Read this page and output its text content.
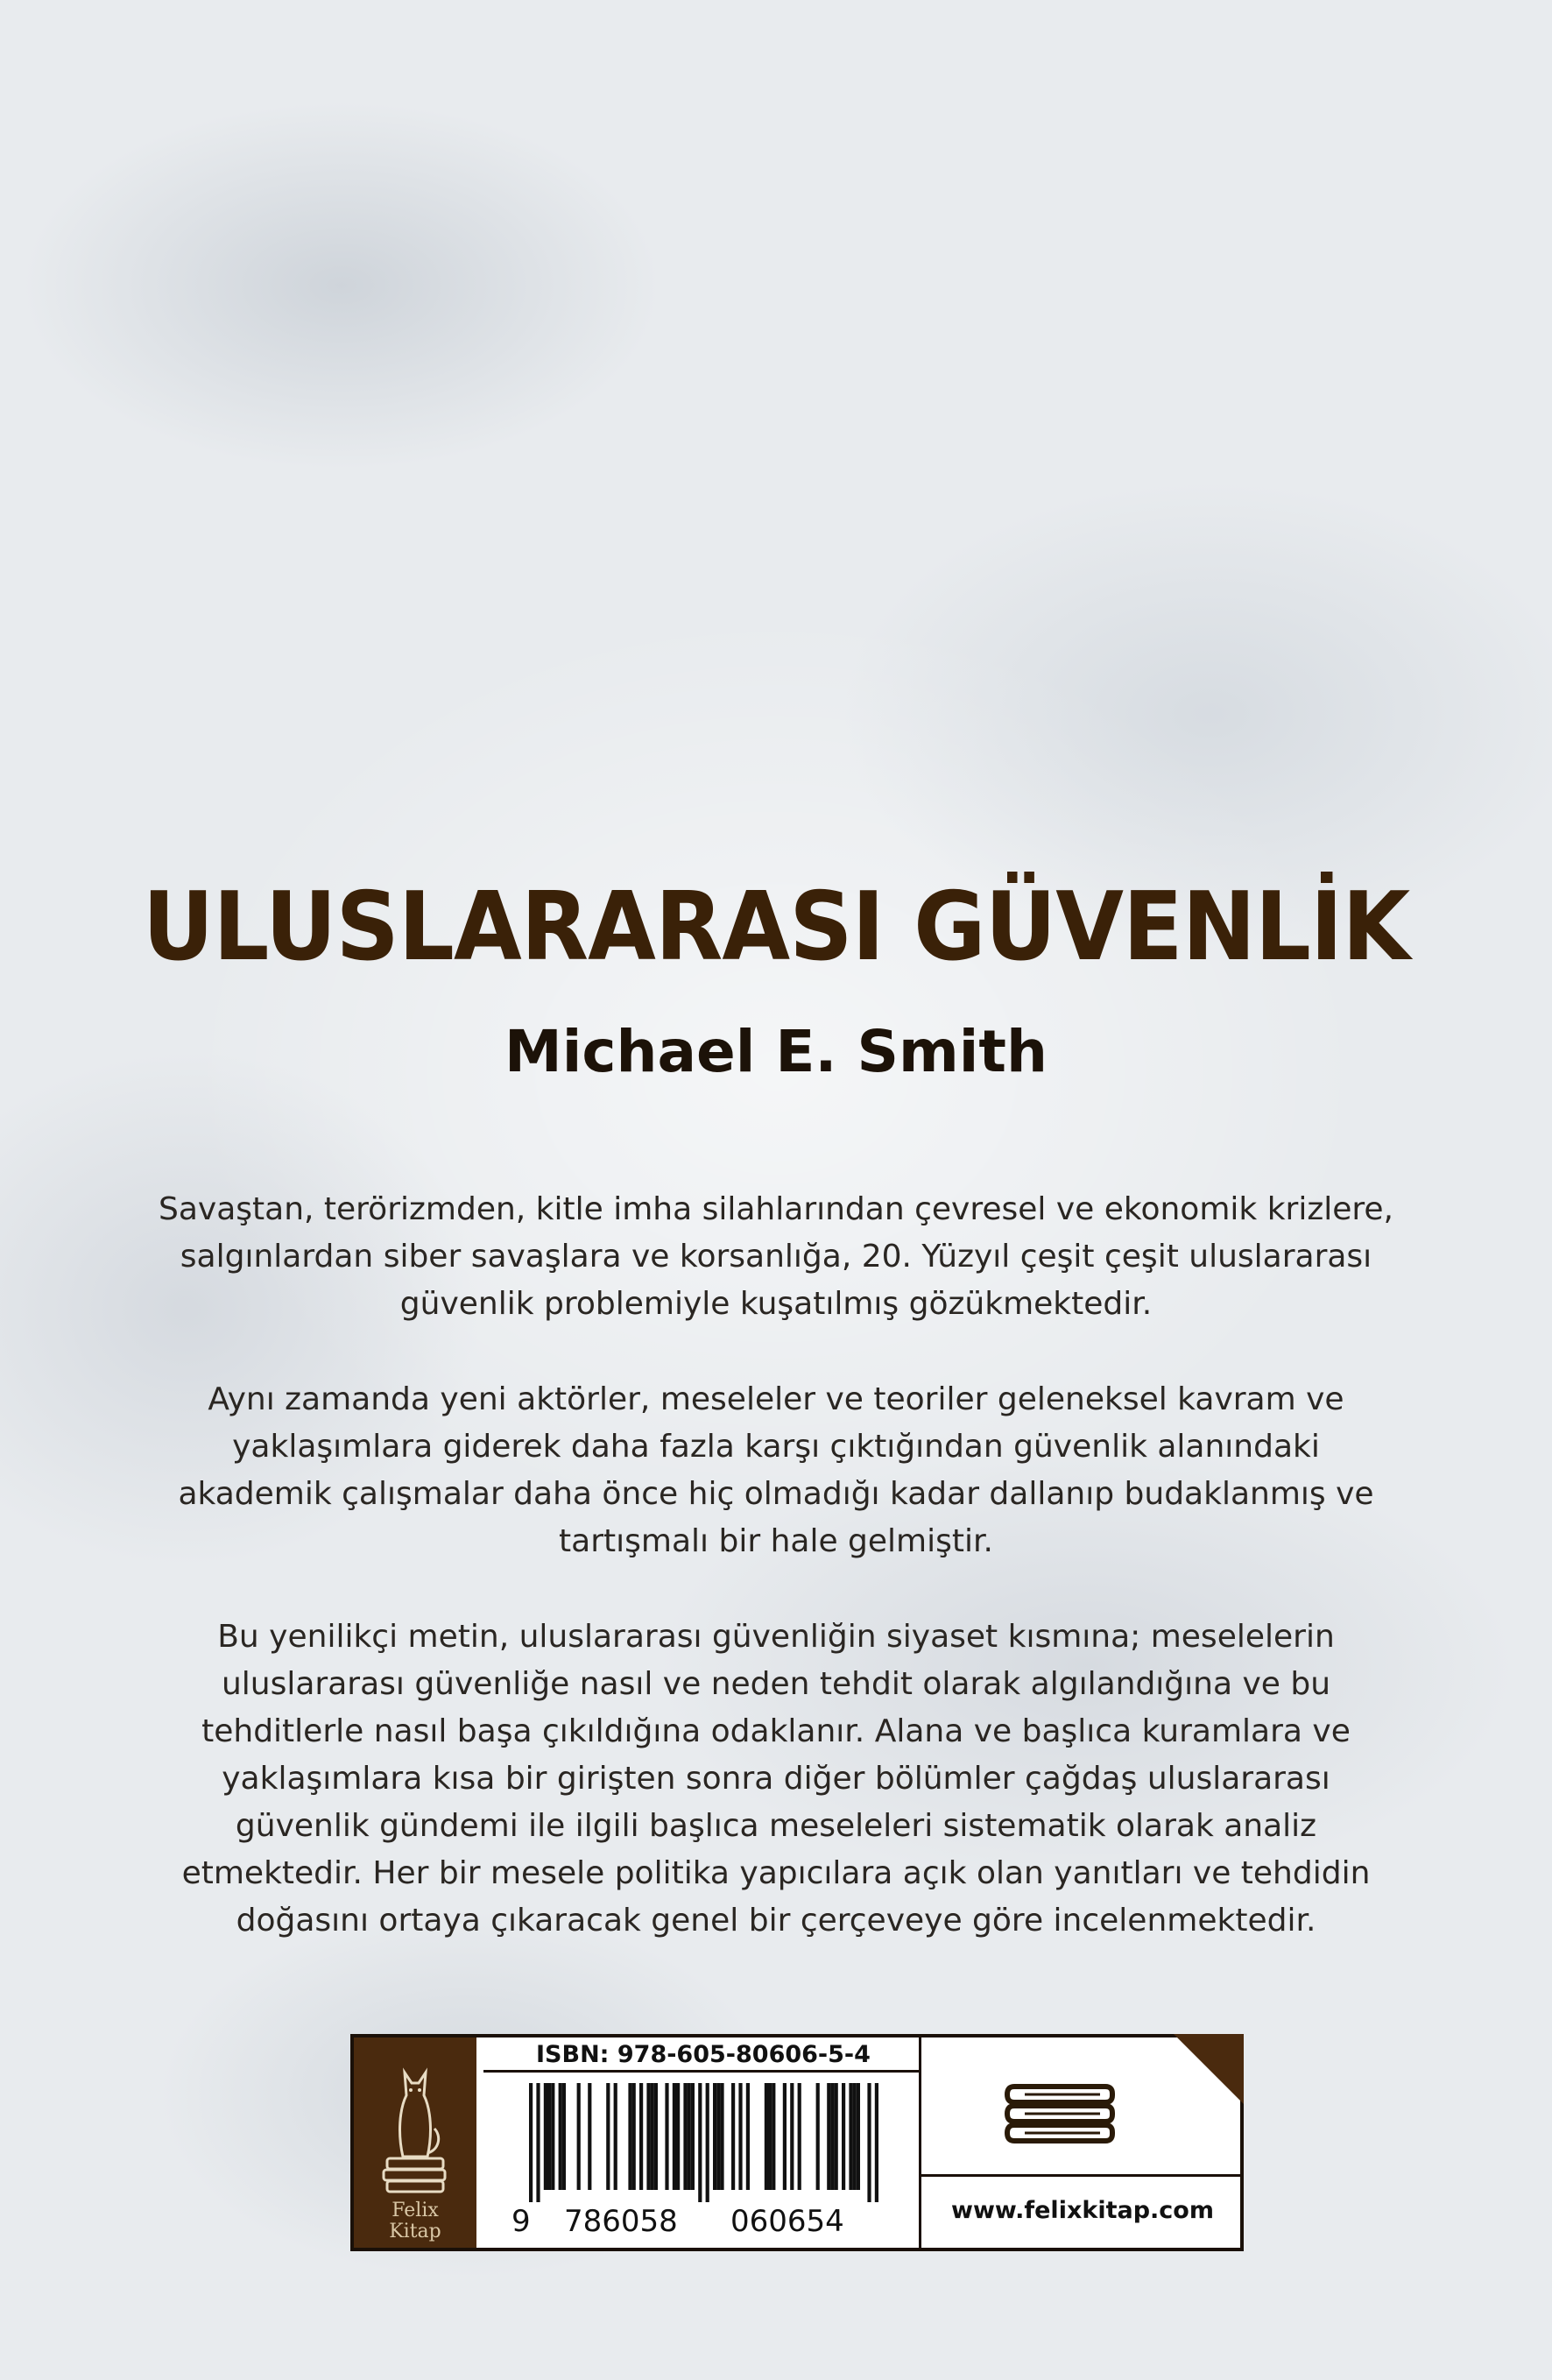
ULUSLARARASI GÜVENLİK
Michael E. Smith

Savaştan, terörizmden, kitle imha silahlarından çevresel ve ekonomik krizlere, salgınlardan siber savaşlara ve korsanlığa, 20. Yüzyıl çeşit çeşit uluslararası güvenlik problemiyle kuşatılmış gözükmektedir.

Aynı zamanda yeni aktörler, meseleler ve teoriler geleneksel kavram ve yaklaşımlara giderek daha fazla karşı çıktığından güvenlik alanındaki akademik çalışmalar daha önce hiç olmadığı kadar dallanıp budaklanmış ve tartışmalı bir hale gelmiştir.

Bu yenilikçi metin, uluslararası güvenliğin siyaset kısmına; meselelerin uluslararası güvenliğe nasıl ve neden tehdit olarak algılandığına ve bu tehditlerle nasıl başa çıkıldığına odaklanır. Alana ve başlıca kuramlara ve yaklaşımlara kısa bir girişten sonra diğer bölümler çağdaş uluslararası güvenlik gündemi ile ilgili başlıca meseleleri sistematik olarak analiz etmektedir. Her bir mesele politika yapıcılara açık olan yanıtları ve tehdidin doğasını ortaya çıkaracak genel bir çerçeveye göre incelenmektedir.

Felix
Kitap
ISBN: 978-605-80606-5-4
9 786058 060654	www.felixkitap.com
